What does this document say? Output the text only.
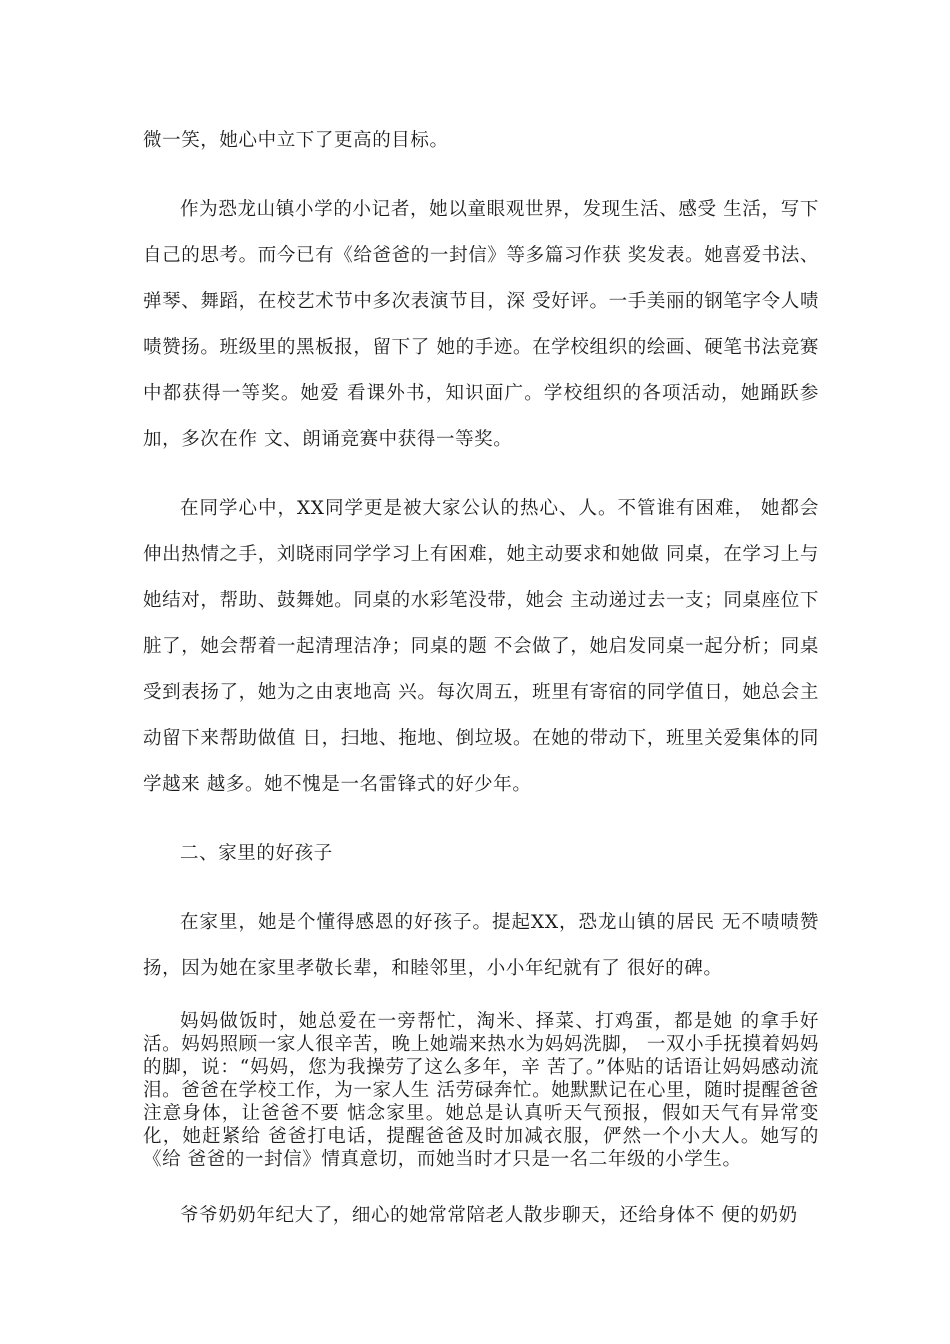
微一笑，她心中立下了更高的目标。

作为恐龙山镇小学的小记者，她以童眼观世界，发现生活、感受 生活，写下自己的思考。而今已有《给爸爸的一封信》等多篇习作获 奖发表。她喜爱书法、弹琴、舞蹈，在校艺术节中多次表演节目，深 受好评。一手美丽的钢笔字令人啧啧赞扬。班级里的黑板报，留下了 她的手迹。在学校组织的绘画、硬笔书法竞赛中都获得一等奖。她爱 看课外书，知识面广。学校组织的各项活动，她踊跃参加，多次在作 文、朗诵竞赛中获得一等奖。

在同学心中，XX同学更是被大家公认的热心、人。不管谁有困难， 她都会伸出热情之手，刘晓雨同学学习上有困难，她主动要求和她做 同桌，在学习上与她结对，帮助、鼓舞她。同桌的水彩笔没带，她会 主动递过去一支；同桌座位下脏了，她会帮着一起清理洁净；同桌的题 不会做了，她启发同桌一起分析；同桌受到表扬了，她为之由衷地高 兴。每次周五，班里有寄宿的同学值日，她总会主动留下来帮助做值 日，扫地、拖地、倒垃圾。在她的带动下，班里关爱集体的同学越来 越多。她不愧是一名雷锋式的好少年。

二、家里的好孩子

在家里，她是个懂得感恩的好孩子。提起XX，恐龙山镇的居民 无不啧啧赞扬，因为她在家里孝敬长辈，和睦邻里，小小年纪就有了 很好的碑。

妈妈做饭时，她总爱在一旁帮忙，淘米、择菜、打鸡蛋，都是她 的拿手好活。妈妈照顾一家人很辛苦，晚上她端来热水为妈妈洗脚， 一双小手抚摸着妈妈的脚，说：“妈妈，您为我操劳了这么多年，辛 苦了。”体贴的话语让妈妈感动流泪。爸爸在学校工作，为一家人生 活劳碌奔忙。她默默记在心里，随时提醒爸爸注意身体，让爸爸不要 惦念家里。她总是认真听天气预报，假如天气有异常变化，她赶紧给 爸爸打电话，提醒爸爸及时加减衣服，俨然一个小大人。她写的《给 爸爸的一封信》情真意切，而她当时才只是一名二年级的小学生。

爷爷奶奶年纪大了，细心的她常常陪老人散步聊天，还给身体不 便的奶奶
